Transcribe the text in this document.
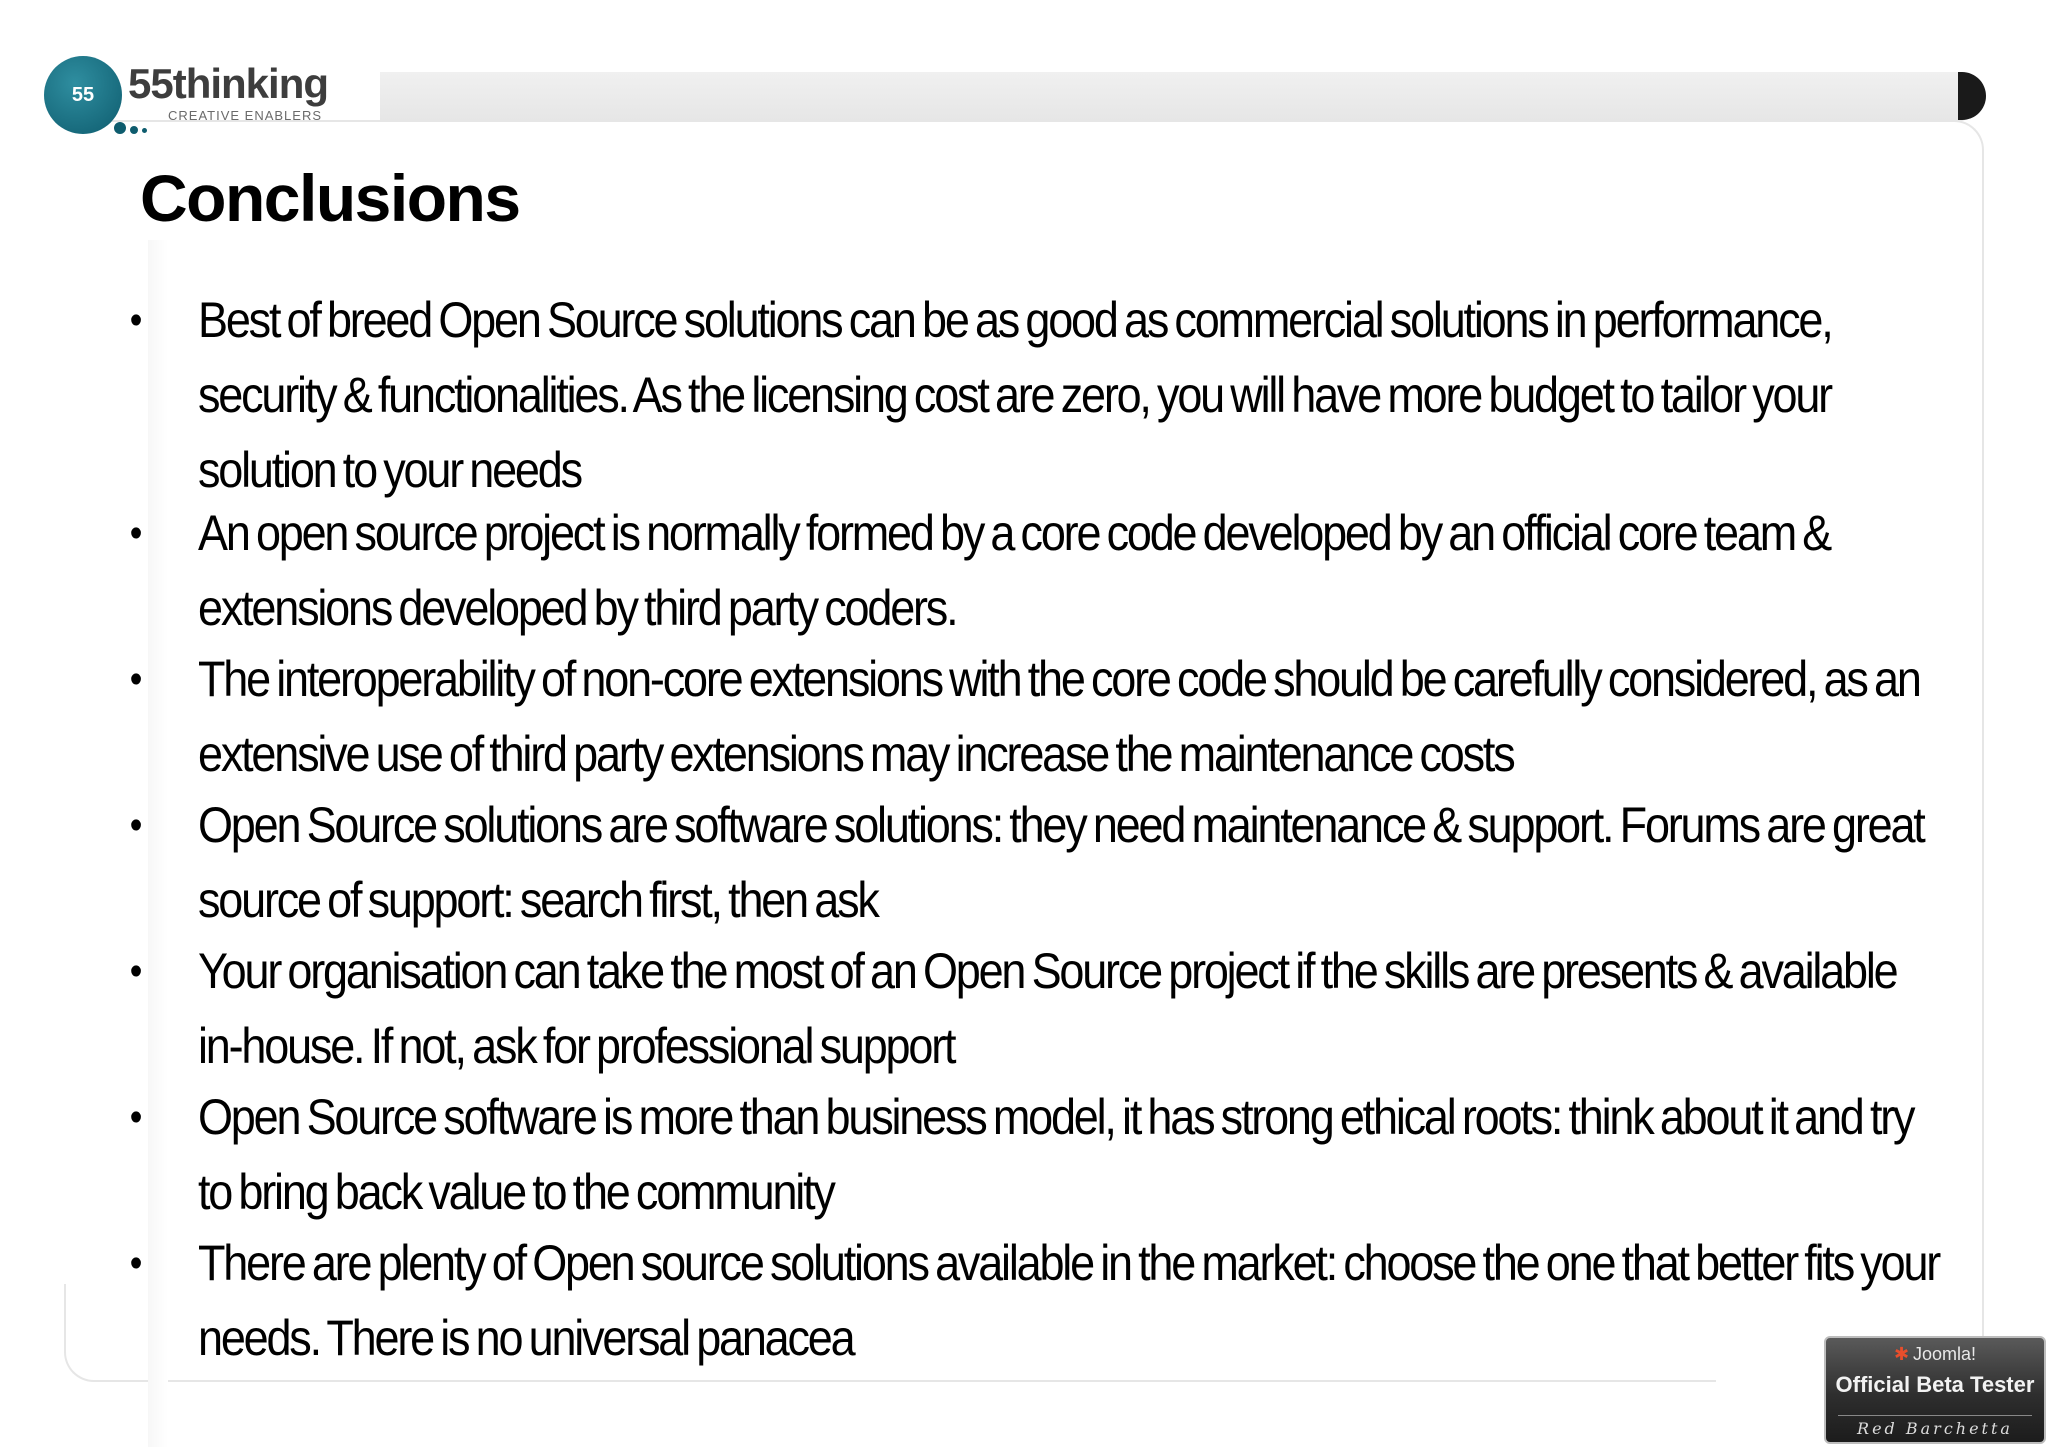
55 55thinking
CREATIVE ENABLERS
Conclusions
• Best of breed Open Source solutions can be as good as commercial solutions in performance, security & functionalities. As the licensing cost are zero, you will have more budget to tailor your solution to your needs
• An open source project is normally formed by a core code developed by an official core team & extensions developed by third party coders.
• The interoperability of non-core extensions with the core code should be carefully considered, as an extensive use of third party extensions may increase the maintenance costs
• Open Source solutions are software solutions: they need maintenance & support. Forums are great source of support: search first, then ask
• Your organisation can take the most of an Open Source project if the skills are presents & available in-house. If not, ask for professional support
• Open Source software is more than business model, it has strong ethical roots: think about it and try to bring back value to the community
• There are plenty of Open source solutions available in the market: choose the one that better fits your needs. There is no universal panacea	✱ Joomla!
Official Beta Tester
Red Barchetta
